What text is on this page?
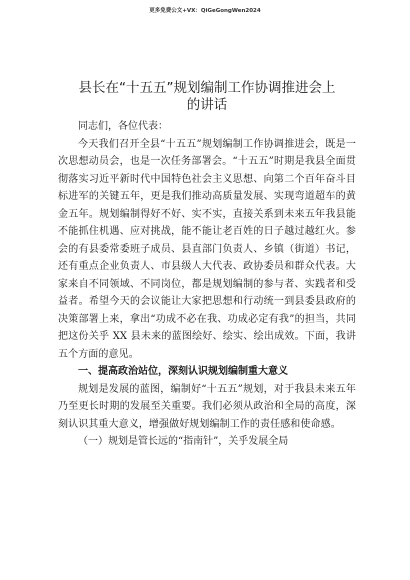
更多免费公文+VX：QiGeGongWen2024
县长在“十五五”规划编制工作协调推进会上
的讲话

同志们，各位代表：

今天我们召开全县“十五五”规划编制工作协调推进会，既是一次思想动员会，也是一次任务部署会。“十五五”时期是我县全面贯彻落实习近平新时代中国特色社会主义思想、向第二个百年奋斗目标进军的关键五年，更是我们推动高质量发展、实现弯道超车的黄金五年。规划编制得好不好、实不实，直接关系到未来五年我县能不能抓住机遇、应对挑战，能不能让老百姓的日子越过越红火。参会的有县委常委班子成员、县直部门负责人、乡镇（街道）书记，还有重点企业负责人、市县级人大代表、政协委员和群众代表。大家来自不同领域、不同岗位，都是规划编制的参与者、实践者和受益者。希望今天的会议能让大家把思想和行动统一到县委县政府的决策部署上来，拿出“功成不必在我、功成必定有我”的担当，共同把这份关乎 XX 县未来的蓝图绘好、绘实、绘出成效。下面，我讲五个方面的意见。

一、提高政治站位，深刻认识规划编制重大意义

规划是发展的蓝图，编制好“十五五”规划，对于我县未来五年乃至更长时期的发展至关重要。我们必须从政治和全局的高度，深刻认识其重大意义，增强做好规划编制工作的责任感和使命感。

（一）规划是管长远的“指南针”，关乎发展全局
